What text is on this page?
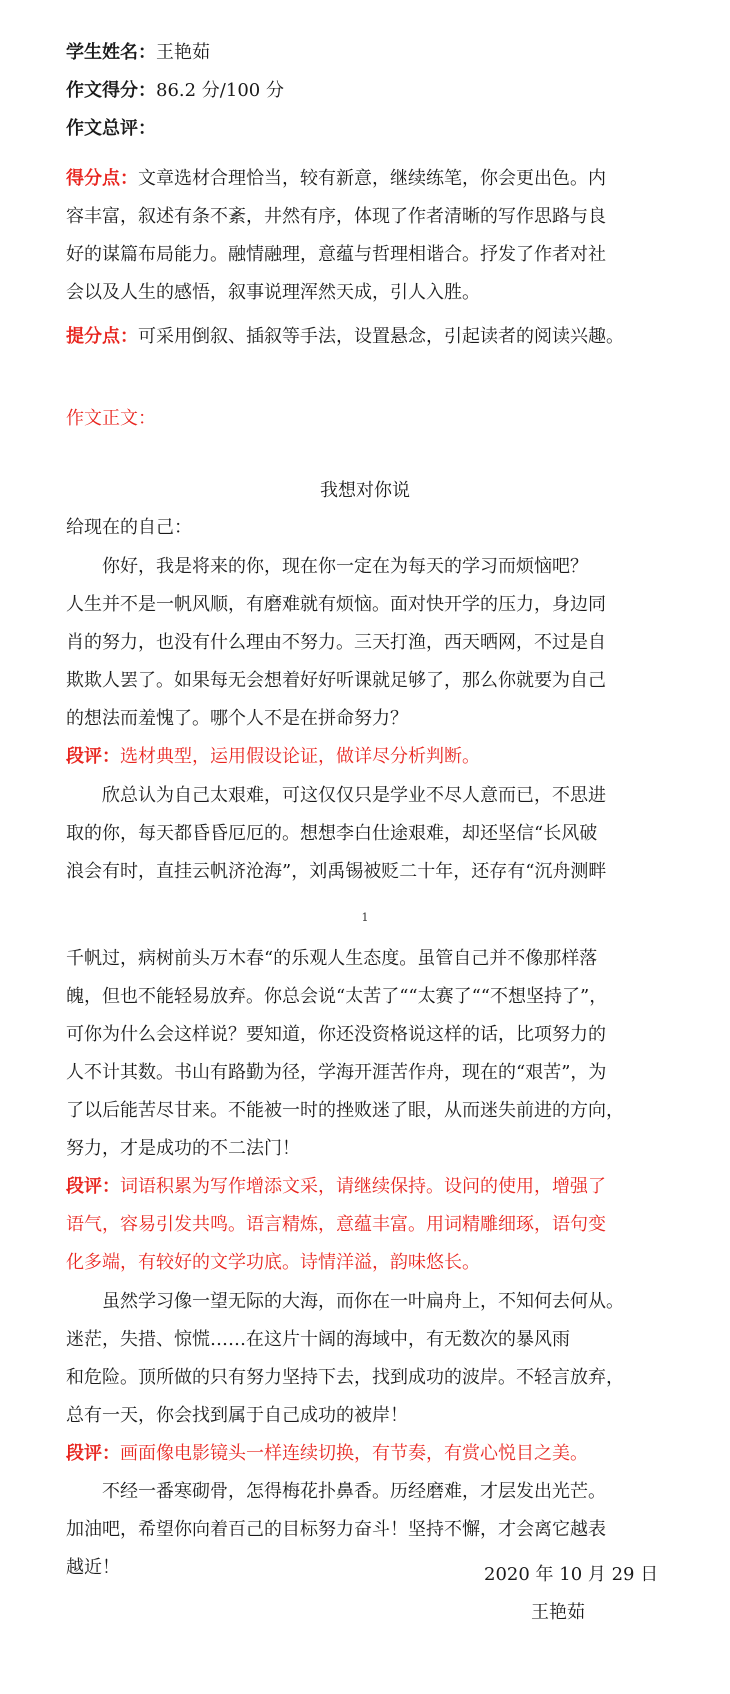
学生姓名：王艳茹
作文得分：86.2 分/100 分
作文总评：
得分点：文章选材合理恰当，较有新意，继续练笔，你会更出色。内
容丰富，叙述有条不紊，井然有序，体现了作者清晰的写作思路与良
好的谋篇布局能力。融情融理，意蕴与哲理相谐合。抒发了作者对社
会以及人生的感悟，叙事说理浑然天成，引人入胜。
提分点：可采用倒叙、插叙等手法，设置悬念，引起读者的阅读兴趣。
作文正文：
我想对你说
给现在的自己：
你好，我是将来的你，现在你一定在为每天的学习而烦恼吧？
人生并不是一帆风顺，有磨难就有烦恼。面对快开学的压力，身边同
肖的努力，也没有什么理由不努力。三天打渔，西天晒网，不过是自
欺欺人罢了。如果每无会想着好好听课就足够了，那么你就要为自己
的想法而羞愧了。哪个人不是在拼命努力？
段评：选材典型，运用假设论证，做详尽分析判断。
欣总认为自己太艰难，可这仅仅只是学业不尽人意而已，不思进
取的你，每天都昏昏厄厄的。想想李白仕途艰难，却还坚信“长风破
浪会有时，直挂云帆济沧海”，刘禹锡被贬二十年，还存有“沉舟测畔
1
千帆过，病树前头万木春“的乐观人生态度。虽管自己并不像那样落
魄，但也不能轻易放弃。你总会说“太苦了““太赛了““不想坚持了”，
可你为什么会这样说？要知道，你还没资格说这样的话，比项努力的
人不计其数。书山有路勤为径，学海开涯苦作舟，现在的“艰苦”，为
了以后能苦尽甘来。不能被一时的挫败迷了眼，从而迷失前进的方向，
努力，才是成功的不二法门！
段评：词语积累为写作增添文采，请继续保持。设问的使用，增强了
语气，容易引发共鸣。语言精炼，意蕴丰富。用词精雕细琢，语句变
化多端，有较好的文学功底。诗情洋溢，韵味悠长。
虽然学习像一望无际的大海，而你在一叶扁舟上，不知何去何从。
迷茫，失措、惊慌……在这片十阔的海域中，有无数次的暴风雨
和危险。顶所做的只有努力坚持下去，找到成功的波岸。不轻言放弃，
总有一天，你会找到属于自己成功的被岸！
段评：画面像电影镜头一样连续切换，有节奏，有赏心悦目之美。
不经一番寒砌骨，怎得梅花扑鼻香。历经磨难，才层发出光芒。
加油吧，希望你向着百己的目标努力奋斗！坚持不懈，才会离它越表
越近！	2020 年 10 月 29 日
王艳茹
